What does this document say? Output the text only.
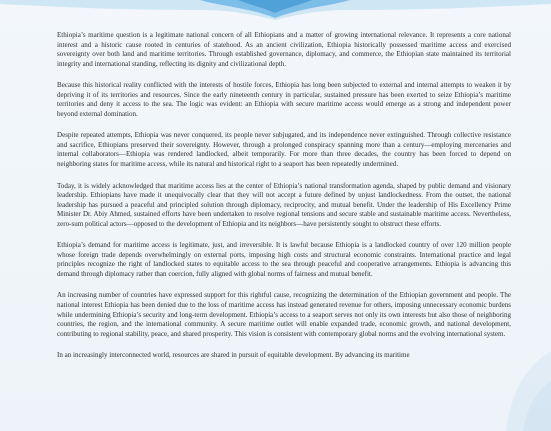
Ethiopia’s maritime question is a legitimate national concern of all Ethiopians and a matter of growing international relevance. It represents a core national interest and a historic cause rooted in centuries of statehood. As an ancient civilization, Ethiopia historically possessed maritime access and exercised sovereignty over both land and maritime territories. Through established governance, diplomacy, and commerce, the Ethiopian state maintained its territorial integrity and international standing, reflecting its dignity and civilizational depth.

Because this historical reality conflicted with the interests of hostile forces, Ethiopia has long been subjected to external and internal attempts to weaken it by depriving it of its territories and resources. Since the early nineteenth century in particular, sustained pressure has been exerted to seize Ethiopia’s maritime territories and deny it access to the sea. The logic was evident: an Ethiopia with secure maritime access would emerge as a strong and independent power beyond external domination.

Despite repeated attempts, Ethiopia was never conquered, its people never subjugated, and its independence never extinguished. Through collective resistance and sacrifice, Ethiopians preserved their sovereignty. However, through a prolonged conspiracy spanning more than a century—employing mercenaries and internal collaborators—Ethiopia was rendered landlocked, albeit temporarily. For more than three decades, the country has been forced to depend on neighboring states for maritime access, while its natural and historical right to a seaport has been repeatedly undermined.

Today, it is widely acknowledged that maritime access lies at the center of Ethiopia’s national transformation agenda, shaped by public demand and visionary leadership. Ethiopians have made it unequivocally clear that they will not accept a future defined by unjust landlockedness. From the outset, the national leadership has pursued a peaceful and principled solution through diplomacy, reciprocity, and mutual benefit. Under the leadership of His Excellency Prime Minister Dr. Abiy Ahmed, sustained efforts have been undertaken to resolve regional tensions and secure stable and sustainable maritime access. Nevertheless, zero-sum political actors—opposed to the development of Ethiopia and its neighbors—have persistently sought to obstruct these efforts.

Ethiopia’s demand for maritime access is legitimate, just, and irreversible. It is lawful because Ethiopia is a landlocked country of over 120 million people whose foreign trade depends overwhelmingly on external ports, imposing high costs and structural economic constraints. International practice and legal principles recognize the right of landlocked states to equitable access to the sea through peaceful and cooperative arrangements. Ethiopia is advancing this demand through diplomacy rather than coercion, fully aligned with global norms of fairness and mutual benefit.

An increasing number of countries have expressed support for this rightful cause, recognizing the determination of the Ethiopian government and people. The national interest Ethiopia has been denied due to the loss of maritime access has instead generated revenue for others, imposing unnecessary economic burdens while undermining Ethiopia’s security and long-term development. Ethiopia’s access to a seaport serves not only its own interests but also those of neighboring countries, the region, and the international community. A secure maritime outlet will enable expanded trade, economic growth, and national development, contributing to regional stability, peace, and shared prosperity. This vision is consistent with contemporary global norms and the evolving international system.

In an increasingly interconnected world, resources are shared in pursuit of equitable development. By advancing its maritime
